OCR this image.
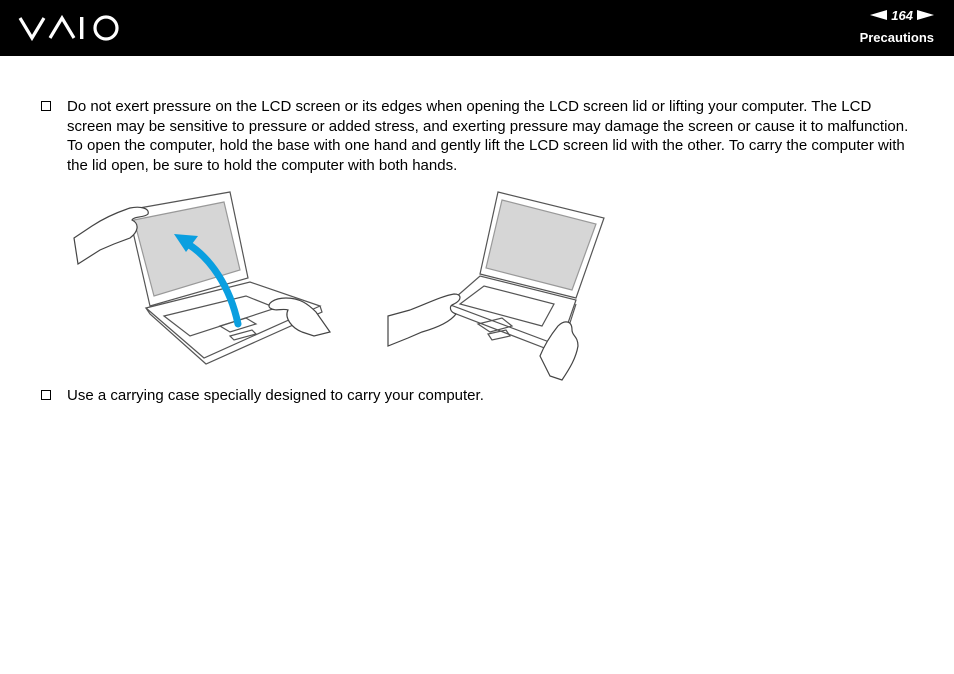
164
Precautions
Do not exert pressure on the LCD screen or its edges when opening the LCD screen lid or lifting your computer. The LCD screen may be sensitive to pressure or added stress, and exerting pressure may damage the screen or cause it to malfunction. To open the computer, hold the base with one hand and gently lift the LCD screen lid with the other. To carry the computer with the lid open, be sure to hold the computer with both hands.
Use a carrying case specially designed to carry your computer.
